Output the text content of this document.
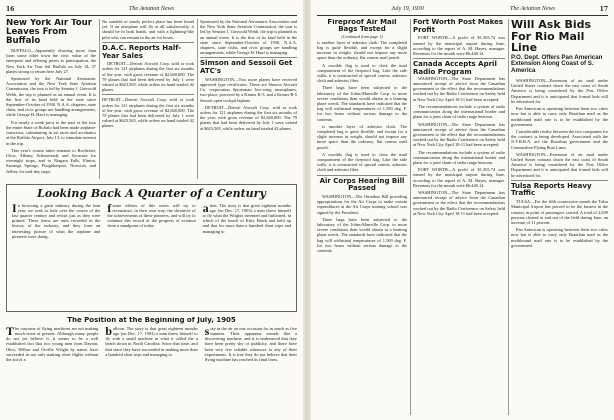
16	The Aviation News
New York Air Tour Leaves From Buffalo

BUFFALO—Apparently drawing more than from some other town the civic value of the enterprise and offering prizes to participation, the New York Air Tour left Buffalo on July 14, 37 planes strong to return here July 27.

Sponsored by the National Aeronautic Association and the New York State Aviation Commission, the tour is led by Senator J. Griswold Webb, the trip is planned as an annual event. It is the first of its kind held in the state since September-October of 1930. N.A.A. chapters, state clubs, and civic groups are handling arrangements, while George H. Hauf is managing.

For nearly a week prior to the start of the tour the entire State of Buffalo had been made airplane-conscious, culminating in air races and acrobatics at the Buffalo Airport, July 13, to stimulate interest in the trip.

This year's course takes entrants to Rochester, Utica, Albany, Schenectady and Syracuse for overnight stops, and to Niagara Falls, Elmira, Saratoga Springs, Poughkeepsie, Norwich, and Jeffrey for mid-day stops.

No suitable or nearly perfect place has been found yet. If an aeroplane will fly at all satisfactorily, it should be in both hands, and with a lightning-like pilot who can remain in the air for hours.

D.A.C. Reports Half-Year Sales

DETROIT—Detroit Aircraft Corp. sold or took orders for 121 airplanes during the first six months of the year, with gross revenue of $2,840,000. The 79 planes that had been delivered by July 1 were valued at $623,565, while orders on hand totaled 42 planes.

DETROIT—Detroit Aircraft Corp. sold or took orders for 121 airplanes during the first six months of the year, with gross revenue of $2,840,000. The 79 planes that had been delivered by July 1 were valued at $623,565, while orders on hand totaled 42 planes.

Sponsored by the National Aeronautic Association and the New York State Aviation Commission, the tour is led by Senator J. Griswold Webb, the trip is planned as an annual event. It is the first of its kind held in the state since September-October of 1930. N.A.A. chapters, state clubs, and civic groups are handling arrangements, while George H. Hauf is managing.

Simson and Sessoii Get ATC's

WASHINGTON—Two more planes have received approved type certificates. These are Simson Aircraft Co. corporation Sportsman low-wing monoplanes, two-place, powered by a Kinner K-5, and a Kinner B-5 Sessoii open cockpit biplane.

DETROIT—Detroit Aircraft Corp. sold or took orders for 121 airplanes during the first six months of the year, with gross revenue of $2,840,000. The 79 planes that had been delivered by July 1 were valued at $623,565, while orders on hand totaled 42 planes.

Looking Back A Quarter of a Century

In browsing a great industry during the lean year, we seek to look over the course of the last quarter century and revisit just as they were printed. These items are ones recorded in the history of the industry, and they form an interesting picture of what the airplane and pioneers were doing.

future editors of this series will try to reconstruct, in their own way, the chronicle of the achievements of these pioneers, and will try to continue this record of the progress of aviation from a standpoint of today.

ation. The story is that great eighteen months ago (on Dec. 17, 1903) a man threw himself to fly what the Wrights invented and fashioned, in which of the beach of Kitty Hawk and held up and that for more than a hundred short trips and managing to

The Position at the Beginning of July, 1905

The outcome of flying machines are not making much noise at present. Although many people do not yet believe it, it seems to be a well established fact that two young men from Dayton, Ohio, Wilbur and Orville Wright by name, have succeeded in not only making short flights without the aid of a

balloon. The story is that great eighteen months ago (on Dec. 17, 1903) a man threw himself to fly with a small machine in what it called the a beach down in North Carolina. Since that time, and that since they have succeeded in making more than a hundred short trips and managing to

stay in the air on one occasion for as much as five minutes. Their apparatus sounds like a discovering machine, and it is understood that they have been pretty shy of publicity, and there have been very few reliable witnesses to any of their experiments. It is true they do not believe that their flying machine has reached its final form.

July 19, 1930	The Aviation News	17
Fireproof Air Mail Bags Tested

(Continued from page 1)

is another layer of asbestos cloth. The completed bag is quite flexible, and except for a slight increase in weight, should not impose any more space than the ordinary, flat canvas mail pouch.

A crucible flag is used to close the mail compartment of the fireproof bag. Like the side walls, it is constructed of special canvas, asbestos cloth and asbestos fiber.

Three bags have been subjected to the laboratory of the Johns-Manville Corp. to more severe conditions than would obtain in a burning plane wreck. The standards have indicated that the bag will withstand temperatures of 1,500 deg. F. for two hours without serious damage to the contents.

is another layer of asbestos cloth. The completed bag is quite flexible, and except for a slight increase in weight, should not impose any more space than the ordinary, flat canvas mail pouch.

A crucible flag is used to close the mail compartment of the fireproof bag. Like the side walls, it is constructed of special canvas, asbestos cloth and asbestos fiber.

Air Corps Hearing Bill Passed

WASHINGTON—The Omnibus Bill providing appropriations for the Air Corps to make certain expenditures at the Air Corps training school was signed by the President.

Three bags have been subjected to the laboratory of the Johns-Manville Corp. to more severe conditions than would obtain in a burning plane wreck. The standards have indicated that the bag will withstand temperatures of 1,500 deg. F. for two hours without serious damage to the contents.

Fort Worth Post Makes Profit

FORT WORTH—A profit of $1,303.74 was earned by the municipal airport during June, according to the report of A. M. Hayes, manager. Revenues for the month were $6,440.14.

Canada Accepts April Radio Program

WASHINGTON—The State Department has announced receipt of advice from the Canadian government to the effect that the recommendations worked out by the Radio Conference on Safety held at New York City April 10-11 had been accepted.

The recommendations include a system of radio communication along the international border and plans for a joint chain of radio range beacons.

WASHINGTON—The State Department has announced receipt of advice from the Canadian government to the effect that the recommendations worked out by the Radio Conference on Safety held at New York City April 10-11 had been accepted.

The recommendations include a system of radio communication along the international border and plans for a joint chain of radio range beacons.

FORT WORTH—A profit of $1,303.74 was earned by the municipal airport during June, according to the report of A. M. Hayes, manager. Revenues for the month were $6,440.14.

WASHINGTON—The State Department has announced receipt of advice from the Canadian government to the effect that the recommendations worked out by the Radio Conference on Safety held at New York City April 10-11 had been accepted.

Will Ask Bids For Rio Mail Line

P.O. Dept. Offers Pan American Extension Along Coast of S. America

WASHINGTON—Extension of air mail under United States contract down the east coast of South America is being considered by the Post Office Department and it is anticipated that formal bids will be advertised for.

Pan American is operating between these two cities now but is able to carry only Brazilian mail as the northbound mail rate is to be established by the government.

Considerable rivalry between the two companies for the contract is being developed. Associated with the N.Y.R.B.A. are the Brazilian government and the Commodore Flying Boat Lines.

WASHINGTON—Extension of air mail under United States contract down the east coast of South America is being considered by the Post Office Department and it is anticipated that formal bids will be advertised for.

Tulsa Reports Heavy Traffic

TULSA—For the fifth consecutive month the Tulsa Municipal Airport has proved to be the busiest in the country in point of passengers carried. A total of 2,839 persons cleared in and out of the field during June, an increase of 11 percent.

Pan American is operating between these two cities now but is able to carry only Brazilian mail as the northbound mail rate is to be established by the government.
